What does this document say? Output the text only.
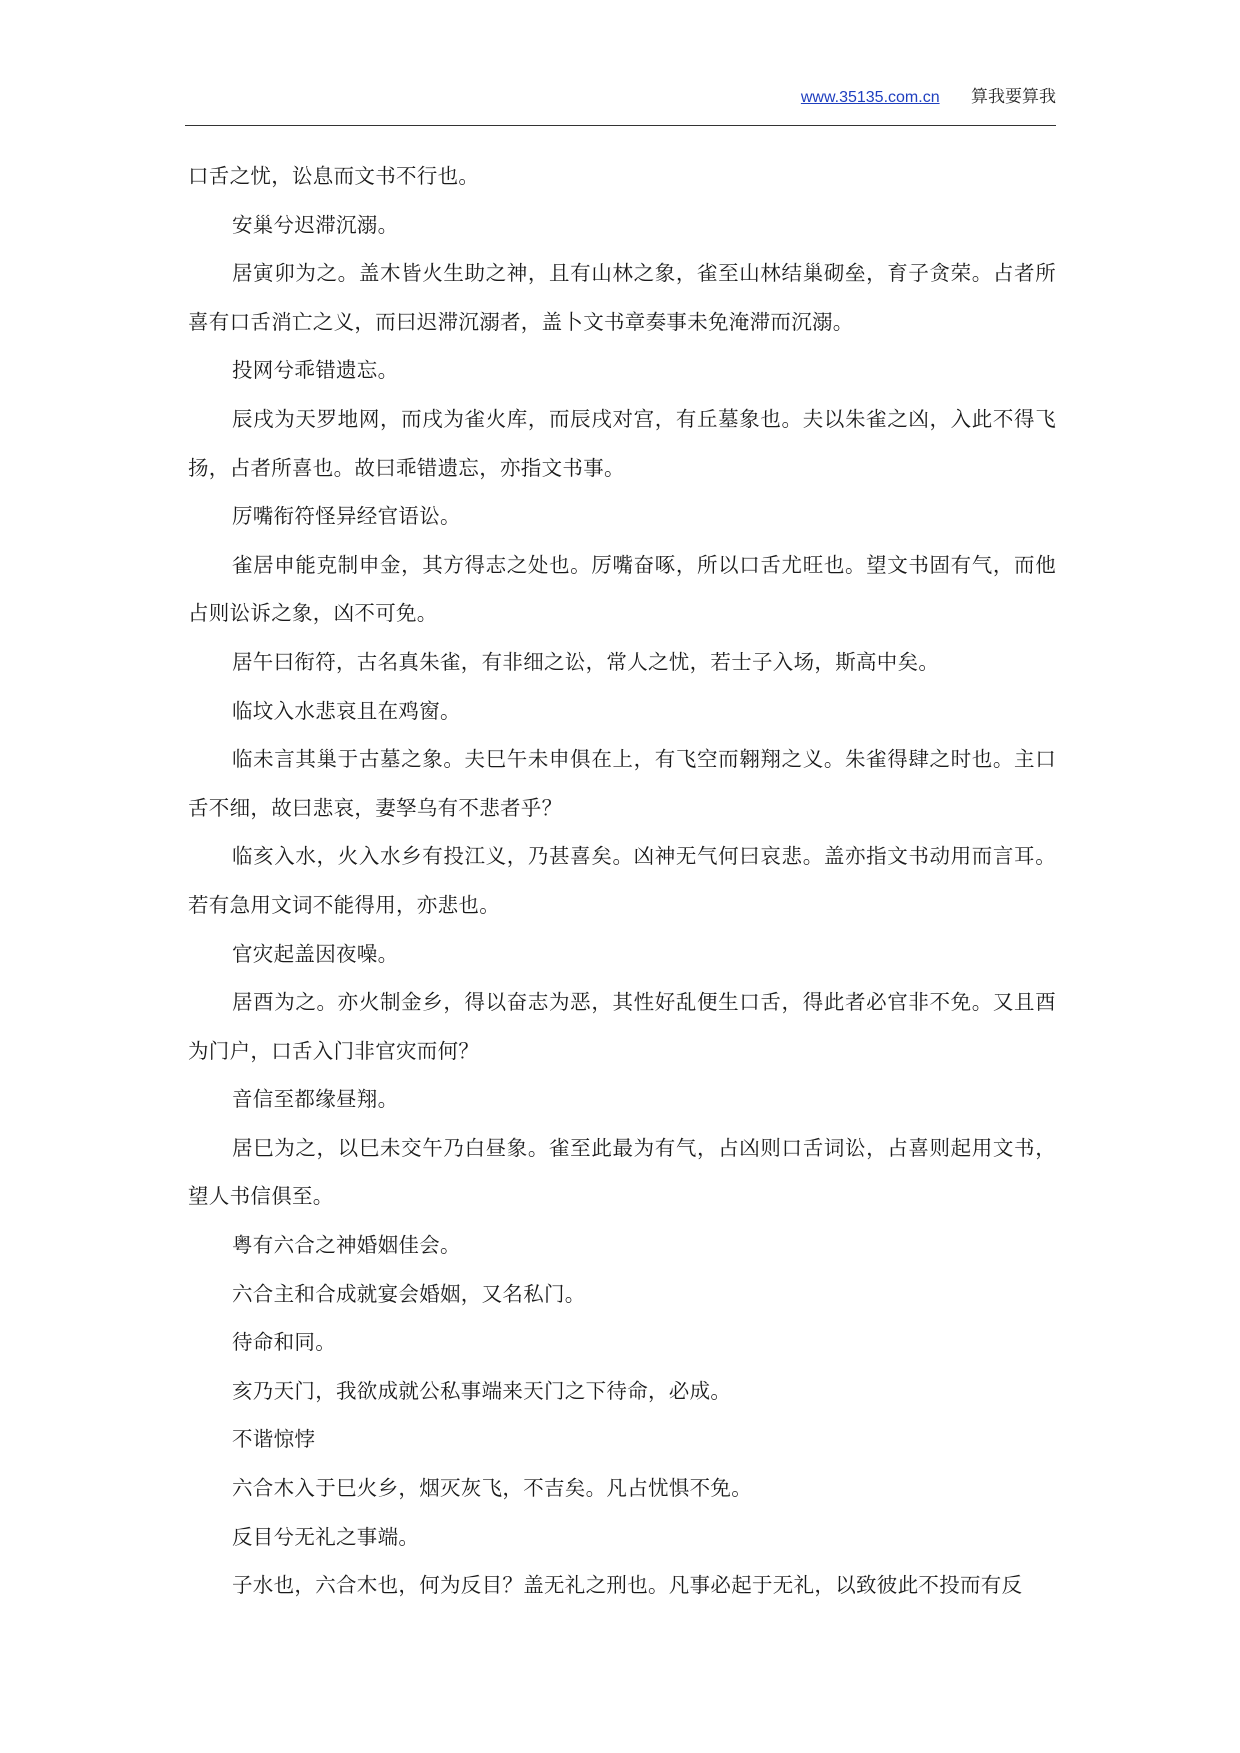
www.35135.com.cn 算我要算我

口舌之忧，讼息而文书不行也。

安巢兮迟滞沉溺。

居寅卯为之。盖木皆火生助之神，且有山林之象，雀至山林结巢砌垒，育子贪荣。占者所喜有口舌消亡之义，而曰迟滞沉溺者，盖卜文书章奏事未免淹滞而沉溺。

投网兮乖错遗忘。

辰戌为天罗地网，而戌为雀火库，而辰戌对宫，有丘墓象也。夫以朱雀之凶，入此不得飞扬，占者所喜也。故曰乖错遗忘，亦指文书事。

厉嘴衔符怪异经官语讼。

雀居申能克制申金，其方得志之处也。厉嘴奋啄，所以口舌尤旺也。望文书固有气，而他占则讼诉之象，凶不可免。

居午曰衔符，古名真朱雀，有非细之讼，常人之忧，若士子入场，斯高中矣。

临坟入水悲哀且在鸡窗。

临未言其巢于古墓之象。夫巳午未申俱在上，有飞空而翱翔之义。朱雀得肆之时也。主口舌不细，故曰悲哀，妻孥乌有不悲者乎？

临亥入水，火入水乡有投江义，乃甚喜矣。凶神无气何曰哀悲。盖亦指文书动用而言耳。若有急用文词不能得用，亦悲也。

官灾起盖因夜噪。

居酉为之。亦火制金乡，得以奋志为恶，其性好乱便生口舌，得此者必官非不免。又且酉为门户，口舌入门非官灾而何？

音信至都缘昼翔。

居巳为之，以巳未交午乃白昼象。雀至此最为有气，占凶则口舌词讼，占喜则起用文书，望人书信俱至。

粤有六合之神婚姻佳会。

六合主和合成就宴会婚姻，又名私门。

待命和同。

亥乃天门，我欲成就公私事端来天门之下待命，必成。

不谐惊悖

六合木入于巳火乡，烟灭灰飞，不吉矣。凡占忧惧不免。

反目兮无礼之事端。

子水也，六合木也，何为反目？盖无礼之刑也。凡事必起于无礼，以致彼此不投而有反
